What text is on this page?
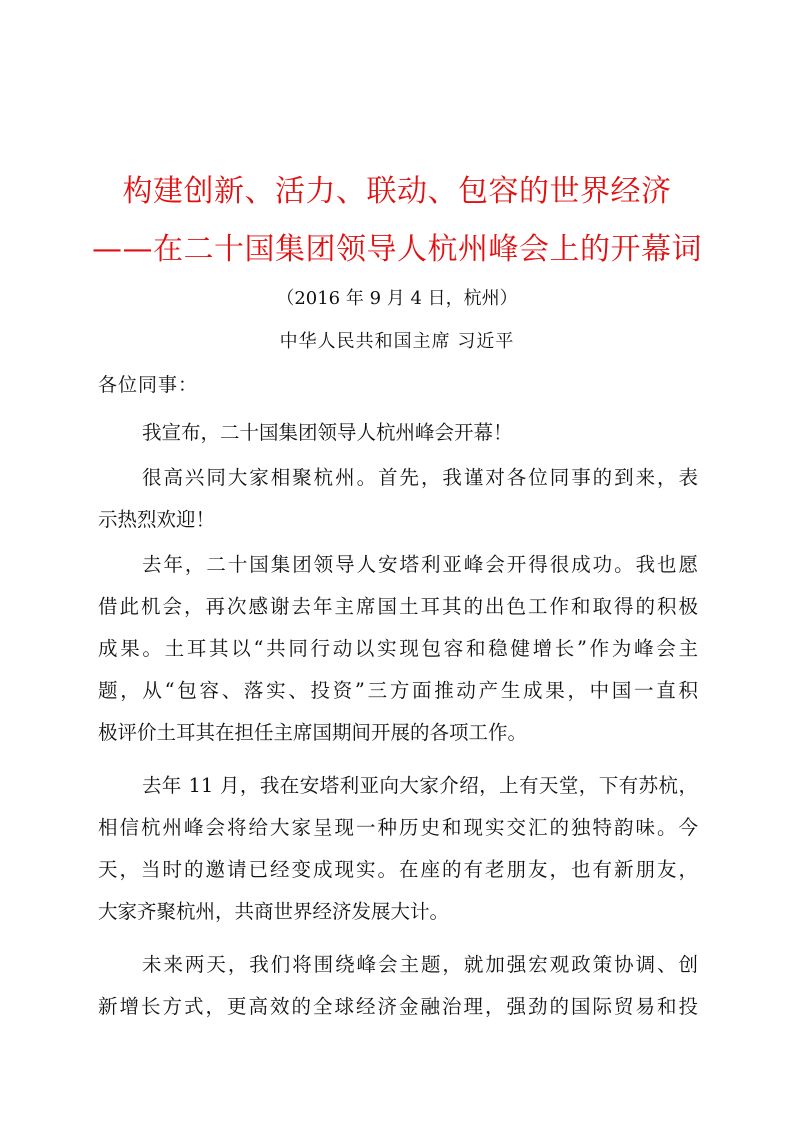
构建创新、活力、联动、包容的世界经济
——在二十国集团领导人杭州峰会上的开幕词
（2016 年 9 月 4 日，杭州）
中华人民共和国主席 习近平
各位同事：
我宣布，二十国集团领导人杭州峰会开幕！
很高兴同大家相聚杭州。首先，我谨对各位同事的到来，表
示热烈欢迎！
去年，二十国集团领导人安塔利亚峰会开得很成功。我也愿
借此机会，再次感谢去年主席国土耳其的出色工作和取得的积极
成果。土耳其以“共同行动以实现包容和稳健增长”作为峰会主
题，从“包容、落实、投资”三方面推动产生成果，中国一直积
极评价土耳其在担任主席国期间开展的各项工作。
去年 11 月，我在安塔利亚向大家介绍，上有天堂，下有苏杭，
相信杭州峰会将给大家呈现一种历史和现实交汇的独特韵味。今
天，当时的邀请已经变成现实。在座的有老朋友，也有新朋友，
大家齐聚杭州，共商世界经济发展大计。
未来两天，我们将围绕峰会主题，就加强宏观政策协调、创
新增长方式，更高效的全球经济金融治理，强劲的国际贸易和投
